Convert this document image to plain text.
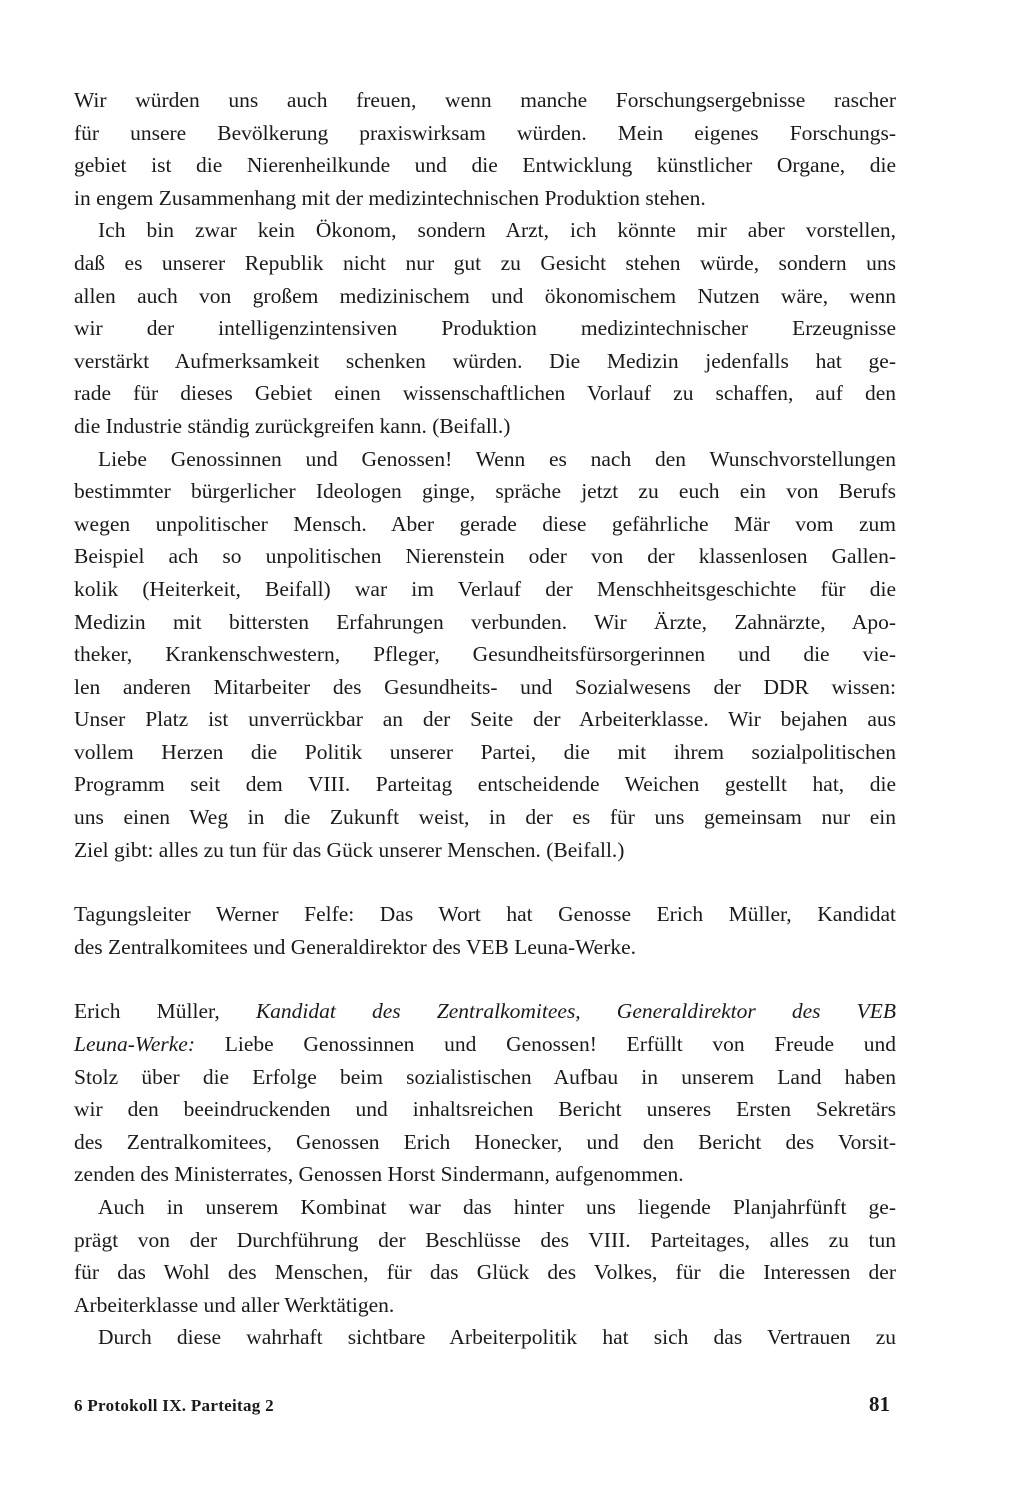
Wir würden uns auch freuen, wenn manche Forschungsergebnisse rascher
für unsere Bevölkerung praxiswirksam würden. Mein eigenes Forschungs-
gebiet ist die Nierenheilkunde und die Entwicklung künstlicher Organe, die
in engem Zusammenhang mit der medizintechnischen Produktion stehen.

Ich bin zwar kein Ökonom, sondern Arzt, ich könnte mir aber vorstellen,
daß es unserer Republik nicht nur gut zu Gesicht stehen würde, sondern uns
allen auch von großem medizinischem und ökonomischem Nutzen wäre, wenn
wir der intelligenzintensiven Produktion medizintechnischer Erzeugnisse
verstärkt Aufmerksamkeit schenken würden. Die Medizin jedenfalls hat ge-
rade für dieses Gebiet einen wissenschaftlichen Vorlauf zu schaffen, auf den
die Industrie ständig zurückgreifen kann. (Beifall.)

Liebe Genossinnen und Genossen! Wenn es nach den Wunschvorstellungen
bestimmter bürgerlicher Ideologen ginge, spräche jetzt zu euch ein von Berufs
wegen unpolitischer Mensch. Aber gerade diese gefährliche Mär vom zum
Beispiel ach so unpolitischen Nierenstein oder von der klassenlosen Gallen-
kolik (Heiterkeit, Beifall) war im Verlauf der Menschheitsgeschichte für die
Medizin mit bittersten Erfahrungen verbunden. Wir Ärzte, Zahnärzte, Apo-
theker, Krankenschwestern, Pfleger, Gesundheitsfürsorgerinnen und die vie-
len anderen Mitarbeiter des Gesundheits- und Sozialwesens der DDR wissen:
Unser Platz ist unverrückbar an der Seite der Arbeiterklasse. Wir bejahen aus
vollem Herzen die Politik unserer Partei, die mit ihrem sozialpolitischen
Programm seit dem VIII. Parteitag entscheidende Weichen gestellt hat, die
uns einen Weg in die Zukunft weist, in der es für uns gemeinsam nur ein
Ziel gibt: alles zu tun für das Gück unserer Menschen. (Beifall.)

Tagungsleiter Werner Felfe: Das Wort hat Genosse Erich Müller, Kandidat
des Zentralkomitees und Generaldirektor des VEB Leuna-Werke.

Erich Müller, Kandidat des Zentralkomitees, Generaldirektor des VEB
Leuna-Werke: Liebe Genossinnen und Genossen! Erfüllt von Freude und
Stolz über die Erfolge beim sozialistischen Aufbau in unserem Land haben
wir den beeindruckenden und inhaltsreichen Bericht unseres Ersten Sekretärs
des Zentralkomitees, Genossen Erich Honecker, und den Bericht des Vorsit-
zenden des Ministerrates, Genossen Horst Sindermann, aufgenommen.

Auch in unserem Kombinat war das hinter uns liegende Planjahrfünft ge-
prägt von der Durchführung der Beschlüsse des VIII. Parteitages, alles zu tun
für das Wohl des Menschen, für das Glück des Volkes, für die Interessen der
Arbeiterklasse und aller Werktätigen.

Durch diese wahrhaft sichtbare Arbeiterpolitik hat sich das Vertrauen zu

6 Protokoll IX. Parteitag 2	81
